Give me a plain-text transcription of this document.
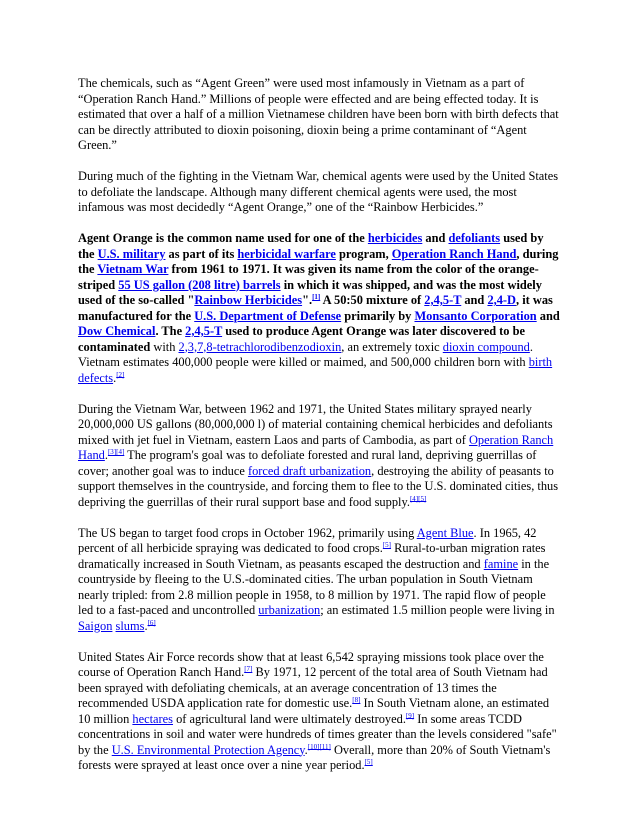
The chemicals, such as “Agent Green” were used most infamously in Vietnam as a part of “Operation Ranch Hand.” Millions of people were effected and are being effected today. It is estimated that over a half of a million Vietnamese children have been born with birth defects that can be directly attributed to dioxin poisoning, dioxin being a prime contaminant of “Agent Green.”

During much of the fighting in the Vietnam War, chemical agents were used by the United States to defoliate the landscape. Although many different chemical agents were used, the most infamous was most decidedly “Agent Orange,” one of the “Rainbow Herbicides.”

Agent Orange is the common name used for one of the herbicides and defoliants used by the U.S. military as part of its herbicidal warfare program, Operation Ranch Hand, during the Vietnam War from 1961 to 1971. It was given its name from the color of the orange-striped 55 US gallon (208 litre) barrels in which it was shipped, and was the most widely used of the so-called "Rainbow Herbicides".[1] A 50:50 mixture of 2,4,5-T and 2,4-D, it was manufactured for the U.S. Department of Defense primarily by Monsanto Corporation and Dow Chemical. The 2,4,5-T used to produce Agent Orange was later discovered to be contaminated with 2,3,7,8-tetrachlorodibenzodioxin, an extremely toxic dioxin compound. Vietnam estimates 400,000 people were killed or maimed, and 500,000 children born with birth defects.[2]

During the Vietnam War, between 1962 and 1971, the United States military sprayed nearly 20,000,000 US gallons (80,000,000 l) of material containing chemical herbicides and defoliants mixed with jet fuel in Vietnam, eastern Laos and parts of Cambodia, as part of Operation Ranch Hand.[3][4] The program's goal was to defoliate forested and rural land, depriving guerrillas of cover; another goal was to induce forced draft urbanization, destroying the ability of peasants to support themselves in the countryside, and forcing them to flee to the U.S. dominated cities, thus depriving the guerrillas of their rural support base and food supply.[4][5]

The US began to target food crops in October 1962, primarily using Agent Blue. In 1965, 42 percent of all herbicide spraying was dedicated to food crops.[5] Rural-to-urban migration rates dramatically increased in South Vietnam, as peasants escaped the destruction and famine in the countryside by fleeing to the U.S.-dominated cities. The urban population in South Vietnam nearly tripled: from 2.8 million people in 1958, to 8 million by 1971. The rapid flow of people led to a fast-paced and uncontrolled urbanization; an estimated 1.5 million people were living in Saigon slums.[6]

United States Air Force records show that at least 6,542 spraying missions took place over the course of Operation Ranch Hand.[7] By 1971, 12 percent of the total area of South Vietnam had been sprayed with defoliating chemicals, at an average concentration of 13 times the recommended USDA application rate for domestic use.[8] In South Vietnam alone, an estimated 10 million hectares of agricultural land were ultimately destroyed.[9] In some areas TCDD concentrations in soil and water were hundreds of times greater than the levels considered "safe" by the U.S. Environmental Protection Agency.[10][11] Overall, more than 20% of South Vietnam's forests were sprayed at least once over a nine year period.[5]
